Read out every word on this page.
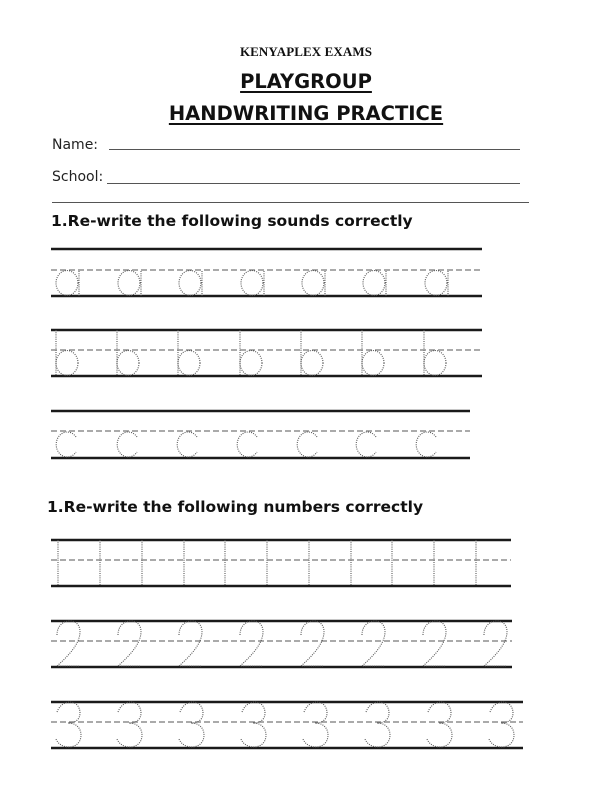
KENYAPLEX EXAMS
PLAYGROUP
HANDWRITING PRACTICE
Name:
School:
1.Re-write the following sounds correctly
1.Re-write the following numbers correctly
